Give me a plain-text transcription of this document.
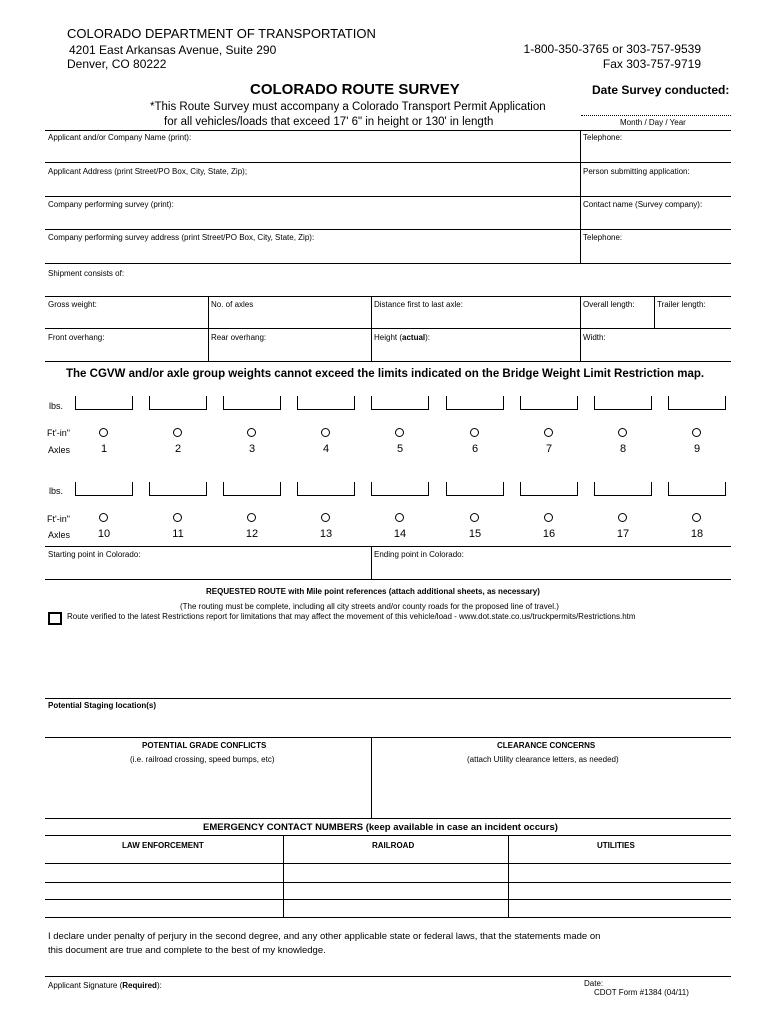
COLORADO DEPARTMENT OF TRANSPORTATION
4201 East Arkansas Avenue, Suite 290
Denver, CO 80222
1-800-350-3765 or 303-757-9539
Fax 303-757-9719
COLORADO ROUTE SURVEY
*This Route Survey must accompany a Colorado Transport Permit Application
for all vehicles/loads that exceed 17' 6" in height or 130' in length
Date Survey conducted:
Month / Day / Year
Applicant and/or Company Name (print):	Telephone:
Applicant Address (print Street/PO Box, City, State, Zip);	Person submitting application:
Company performing survey (print):	Contact name (Survey company):
Company performing survey address (print Street/PO Box, City, State, Zip):	Telephone:
Shipment consists of:
Gross weight:	No. of axles	Distance first to last axle:	Overall length:	Trailer length:
Front overhang:	Rear overhang:	Height (actual):	Width:
The CGVW and/or axle group weights cannot exceed the limits indicated on the Bridge Weight Limit Restriction map.
lbs.
Ft'-in"
Axles
lbs.
Ft'-in"
Axles
1	2	3	4	5	6	7	8	9
10	11	12	13	14	15	16	17	18
Starting point in Colorado:	Ending point in Colorado:
REQUESTED ROUTE with Mile point references (attach additional sheets, as necessary)
(The routing must be complete, including all city streets and/or county roads for the proposed line of travel.)
Route verified to the latest Restrictions report for limitations that may affect the movement of this vehicle/load - www.dot.state.co.us/truckpermits/Restrictions.htm
Potential Staging location(s)
POTENTIAL GRADE CONFLICTS
(i.e. railroad crossing, speed bumps, etc)
CLEARANCE CONCERNS
(attach Utility clearance letters, as needed)
EMERGENCY CONTACT NUMBERS (keep available in case an incident occurs)
LAW ENFORCEMENT	RAILROAD	UTILITIES
I declare under penalty of perjury in the second degree, and any other applicable state or federal laws, that the statements made on
this document are true and complete to the best of my knowledge.
Applicant Signature (Required):	Date:
CDOT Form #1384 (04/11)
